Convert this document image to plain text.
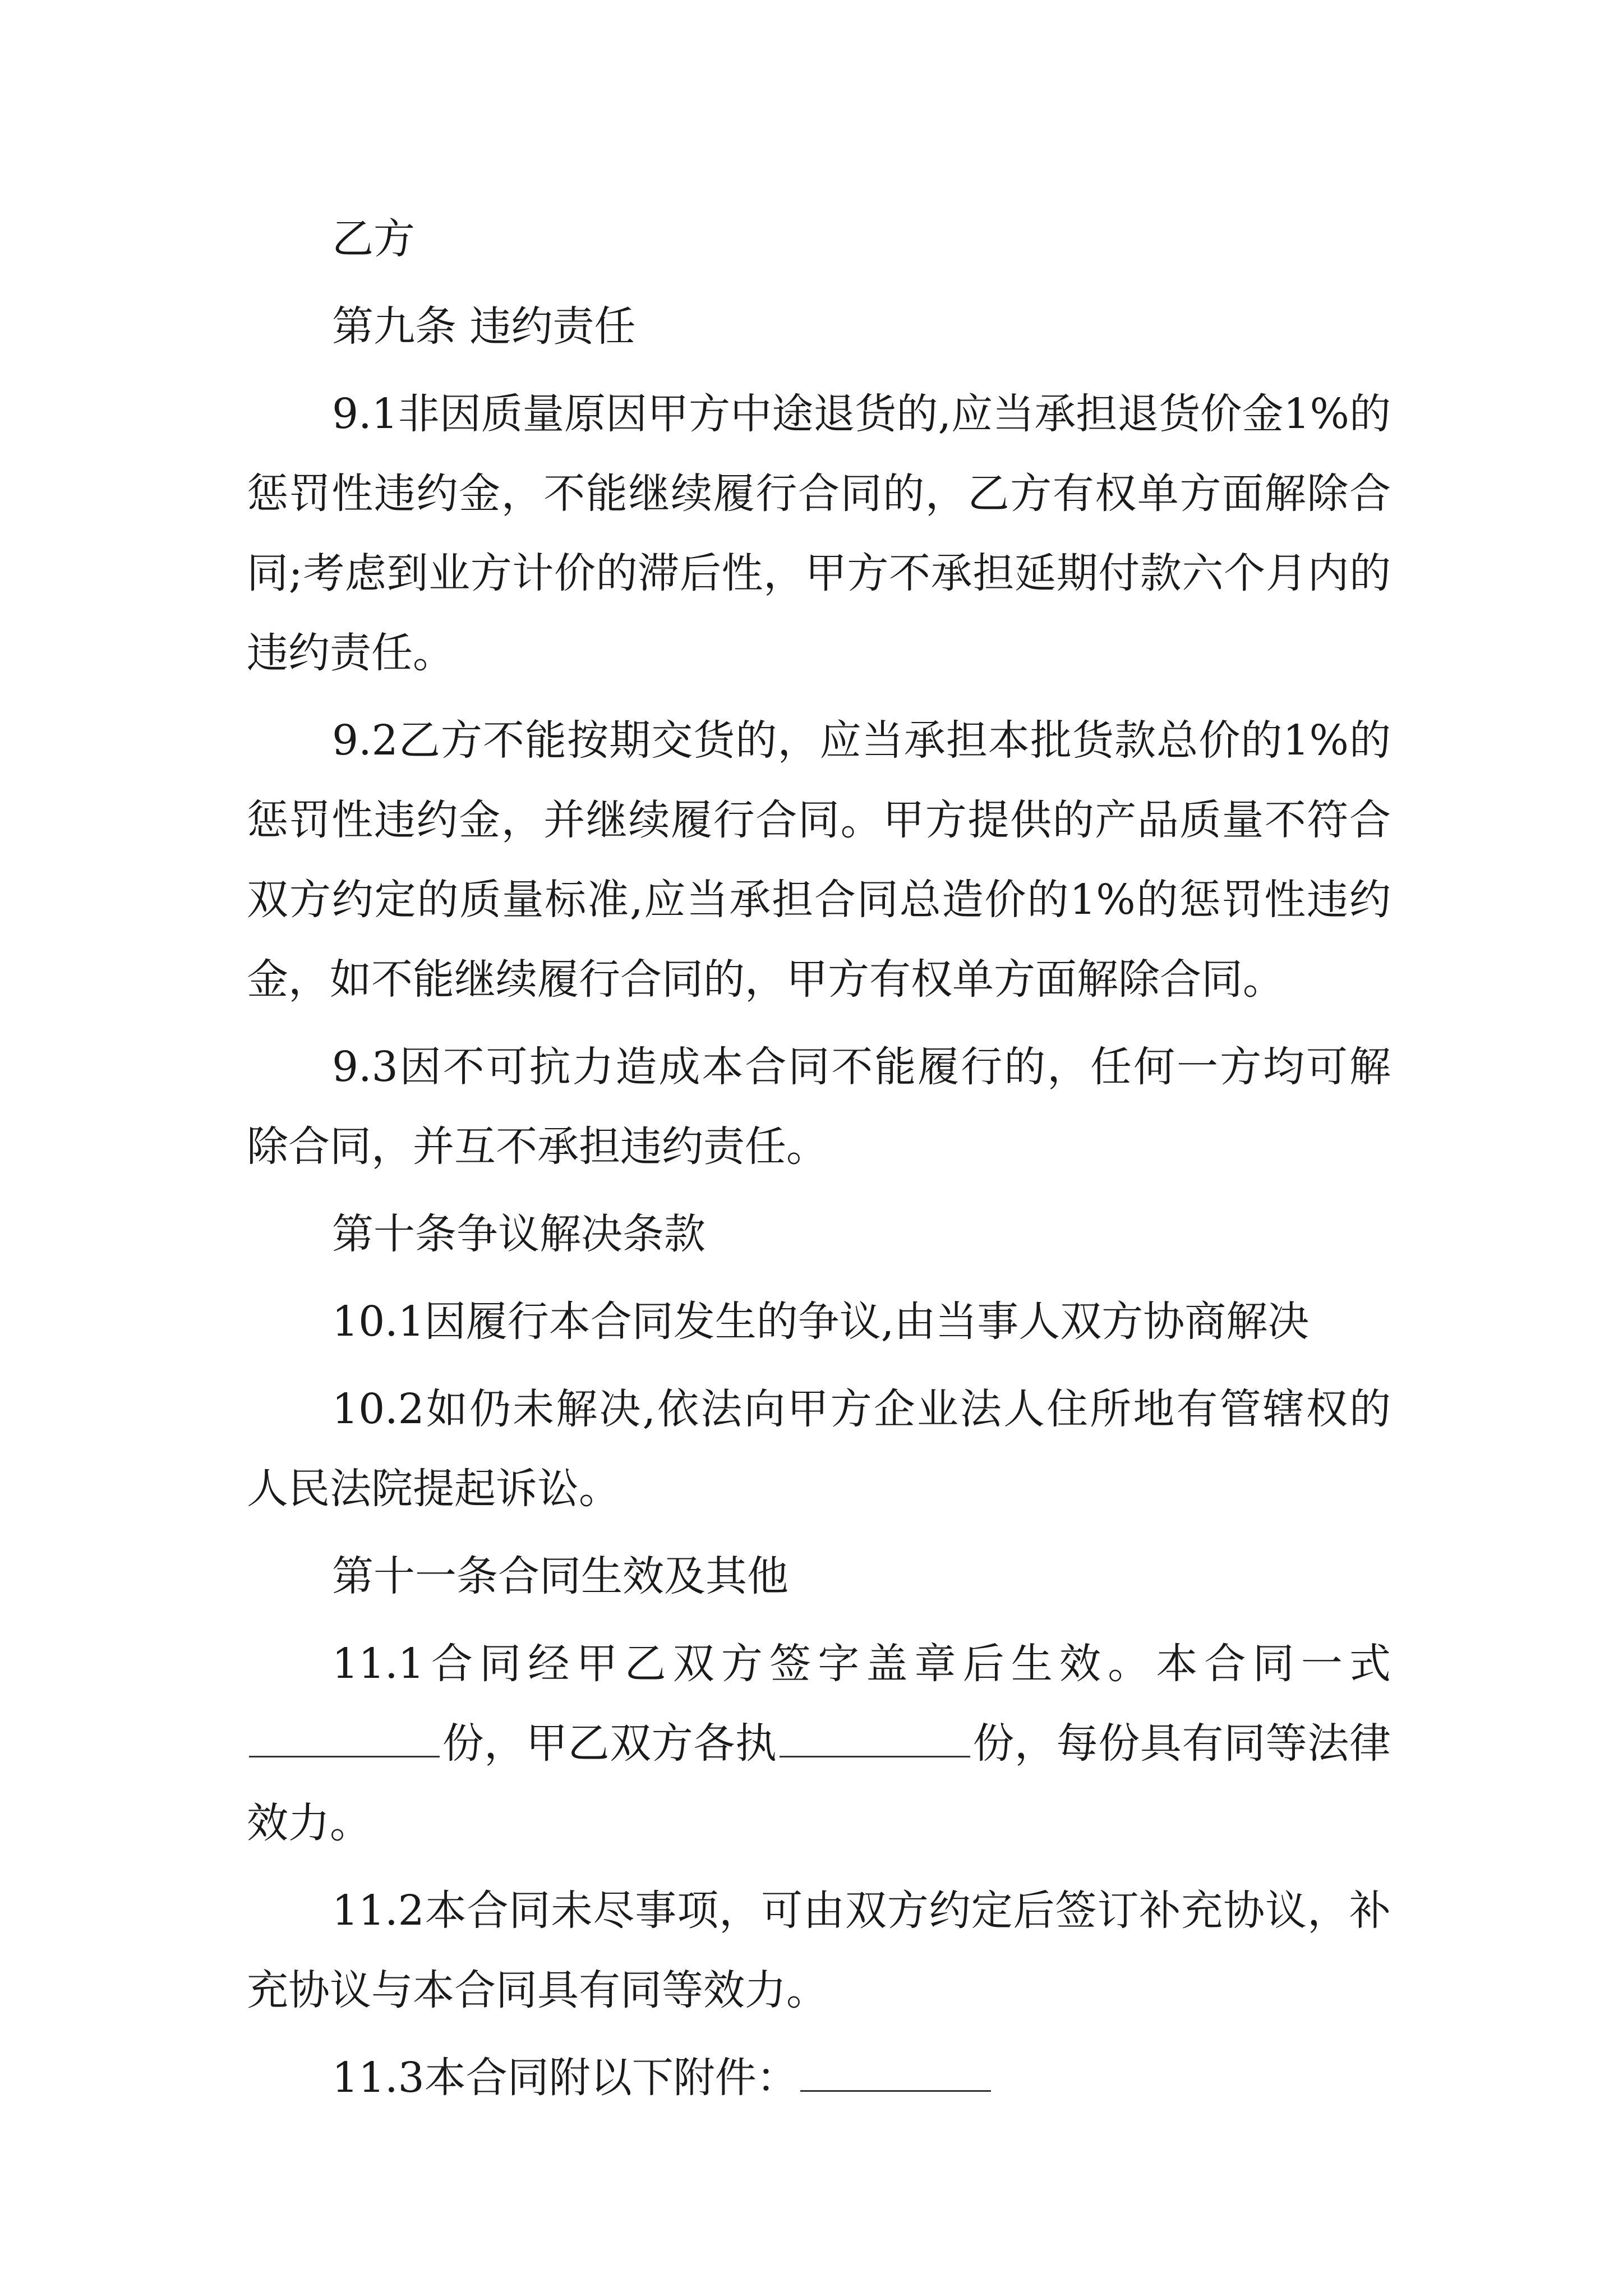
乙方

第九条 违约责任

9.1非因质量原因甲方中途退货的,应当承担退货价金1%的惩罚性违约金，不能继续履行合同的，乙方有权单方面解除合同;考虑到业方计价的滞后性，甲方不承担延期付款六个月内的违约责任。

9.2乙方不能按期交货的，应当承担本批货款总价的1%的惩罚性违约金，并继续履行合同。甲方提供的产品质量不符合双方约定的质量标准,应当承担合同总造价的1%的惩罚性违约金，如不能继续履行合同的，甲方有权单方面解除合同。

9.3因不可抗力造成本合同不能履行的，任何一方均可解除合同，并互不承担违约责任。

第十条争议解决条款

10.1因履行本合同发生的争议,由当事人双方协商解决

10.2如仍未解决,依法向甲方企业法人住所地有管辖权的人民法院提起诉讼。

第十一条合同生效及其他

11.1合同经甲乙双方签字盖章后生效。本合同一式份，甲乙双方各执	份，每份具有同等法律效力。

11.2本合同未尽事项，可由双方约定后签订补充协议，补充协议与本合同具有同等效力。

11.3本合同附以下附件：
